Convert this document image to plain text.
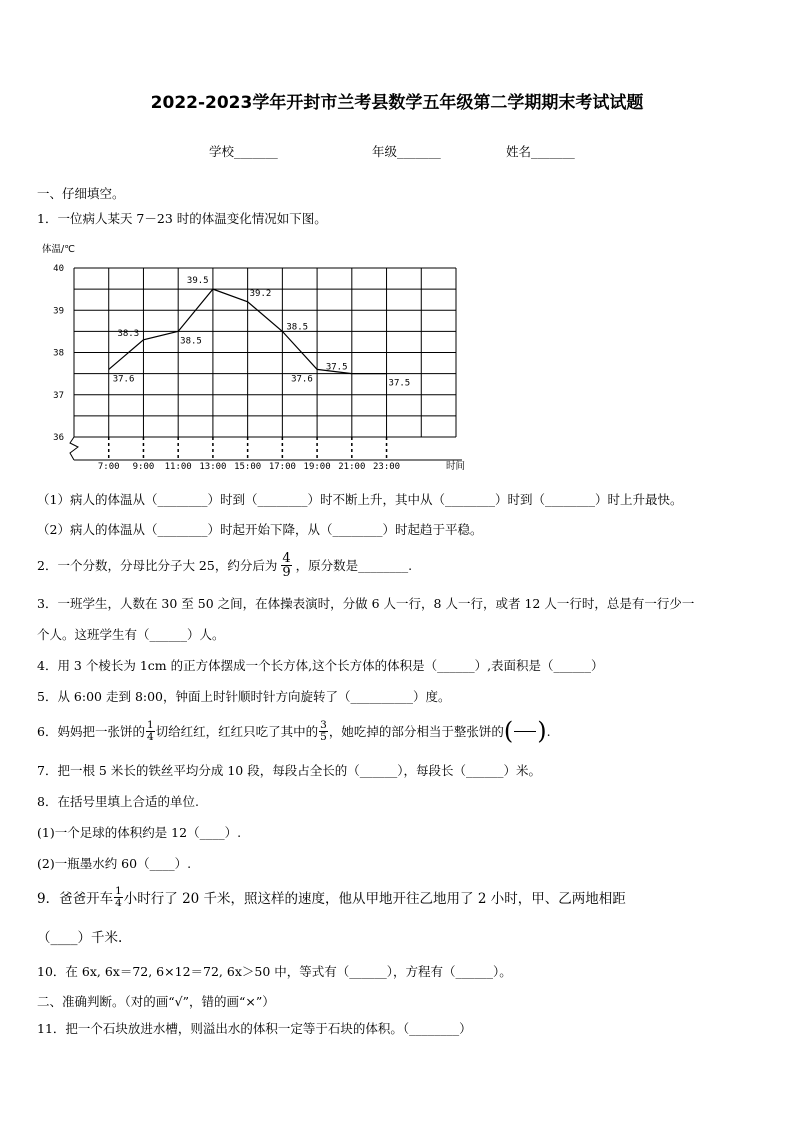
2022-2023学年开封市兰考县数学五年级第二学期期末考试试题
学校_______	年级_______	姓名_______
一、仔细填空。
1．一位病人某天 7－23 时的体温变化情况如下图。
体温/℃
时间
40
39
38
37
36
7:00 9:00 11:00 13:00 15:00 17:00 19:00 21:00 23:00
37.6
38.3
38.5
39.5
39.2
38.5
37.6
37.5
37.5
（1）病人的体温从（________）时到（________）时不断上升，其中从（________）时到（________）时上升最快。
（2）病人的体温从（________）时起开始下降，从（________）时起趋于平稳。
2．一个分数，分母比分子大 25，约分后为 $\frac{4}{9}$ ，原分数是________.
3．一班学生，人数在 30 至 50 之间，在体操表演时，分做 6 人一行，8 人一行，或者 12 人一行时，总是有一行少一
个人。这班学生有（______）人。
4．用 3 个棱长为 1cm 的正方体摆成一个长方体,这个长方体的体积是（______）,表面积是（______）
5．从 6:00 走到 8:00，钟面上时针顺时针方向旋转了（__________）度。
6．妈妈把一张饼的 $\frac{1}{4}$ 切给红红，红红只吃了其中的 $\frac{3}{5}$ ，她吃掉的部分相当于整张饼的 ( ) .
7．把一根 5 米长的铁丝平均分成 10 段，每段占全长的（______），每段长（______）米。
8．在括号里填上合适的单位.
(1)一个足球的体积约是 12（____）.
(2)一瓶墨水约 60（____）.
9．爸爸开车 $\frac{1}{4}$ 小时行了 20 千米，照这样的速度，他从甲地开往乙地用了 2 小时，甲、乙两地相距
（____）千米.
10．在 6x, 6x＝72, 6×12＝72, 6x＞50 中，等式有（______），方程有（______）。
二、准确判断。（对的画“√”，错的画“×”）
11．把一个石块放进水槽，则溢出水的体积一定等于石块的体积。（________）
